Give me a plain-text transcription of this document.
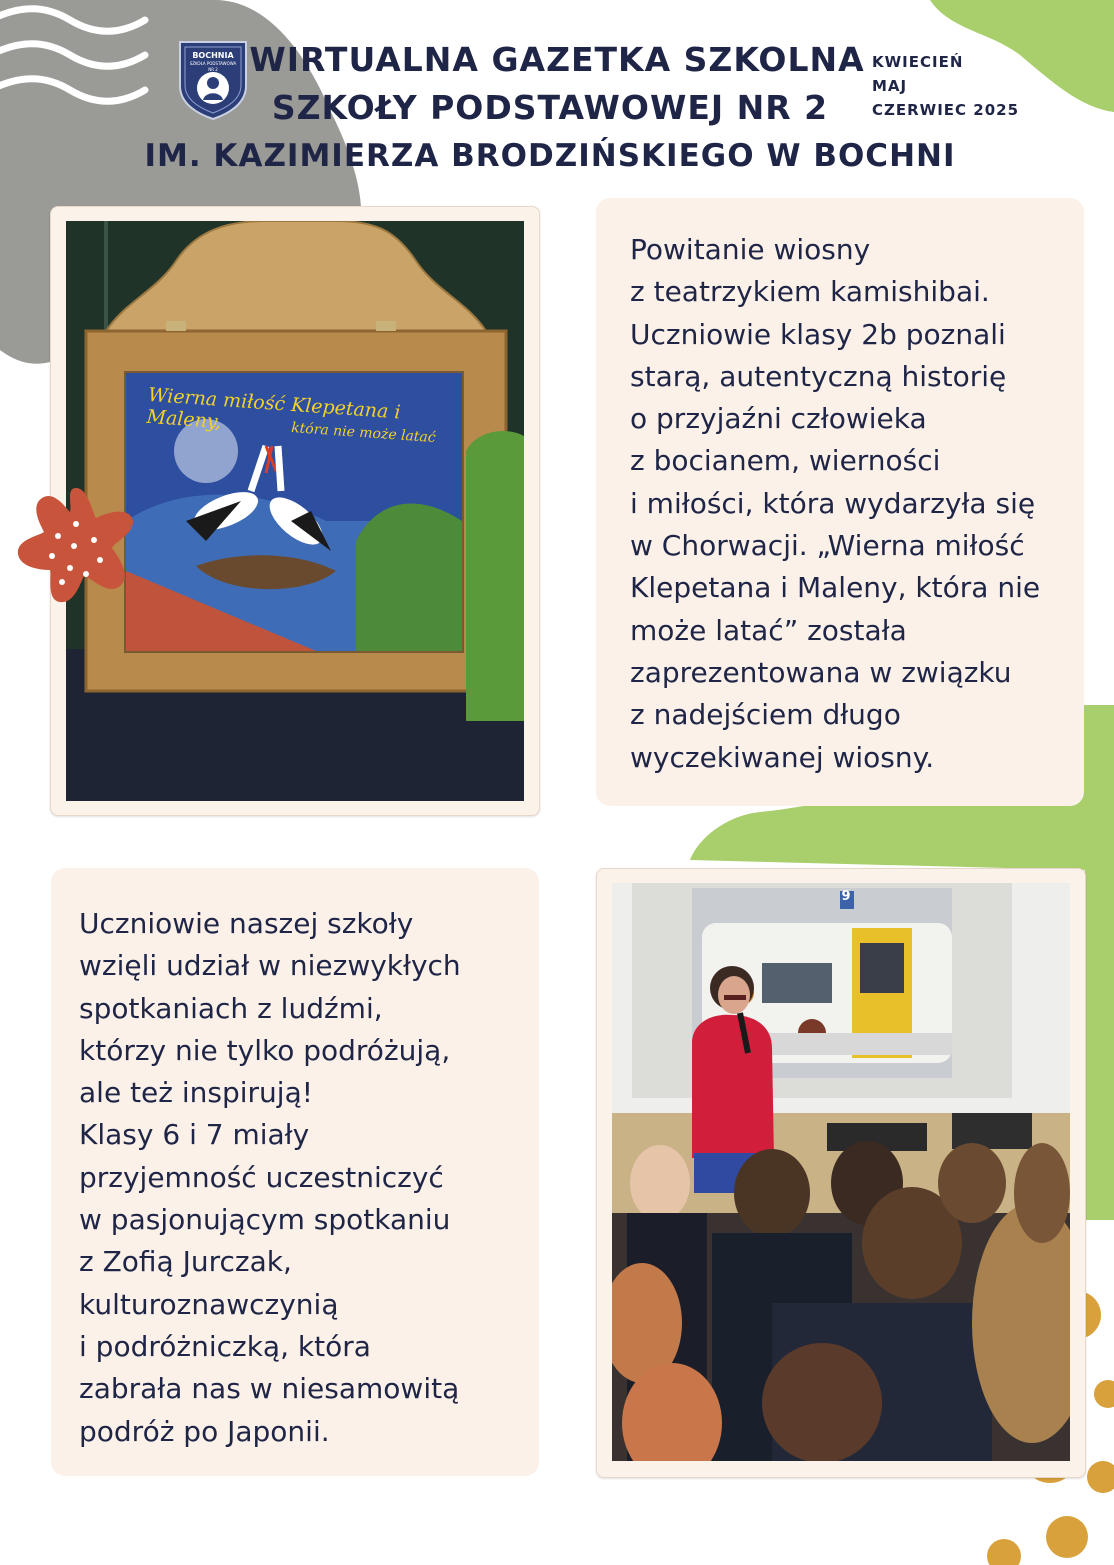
BOCHNIA
SZKOŁA PODSTAWOWA
NR 2 WIRTUALNA GAZETKA SZKOLNA
SZKOŁY PODSTAWOWEJ NR 2
IM. KAZIMIERZA BRODZIŃSKIEGO W BOCHNI
KWIECIEŃ
MAJ
CZERWIEC 2025
Wierna miłość Klepetana i Maleny,
która nie może latać
Powitanie wiosny
z teatrzykiem kamishibai.
Uczniowie klasy 2b poznali
starą, autentyczną historię
o przyjaźni człowieka
z bocianem, wierności
i miłości, która wydarzyła się
w Chorwacji. „Wierna miłość
Klepetana i Maleny, która nie
może latać” została
zaprezentowana w związku
z nadejściem długo
wyczekiwanej wiosny.
Uczniowie naszej szkoły
wzięli udział w niezwykłych
spotkaniach z ludźmi,
którzy nie tylko podróżują,
ale też inspirują!
Klasy 6 i 7 miały
przyjemność uczestniczyć
w pasjonującym spotkaniu
z Zofią Jurczak,
kulturoznawczynią
i podróżniczką, która
zabrała nas w niesamowitą
podróż po Japonii.
9
